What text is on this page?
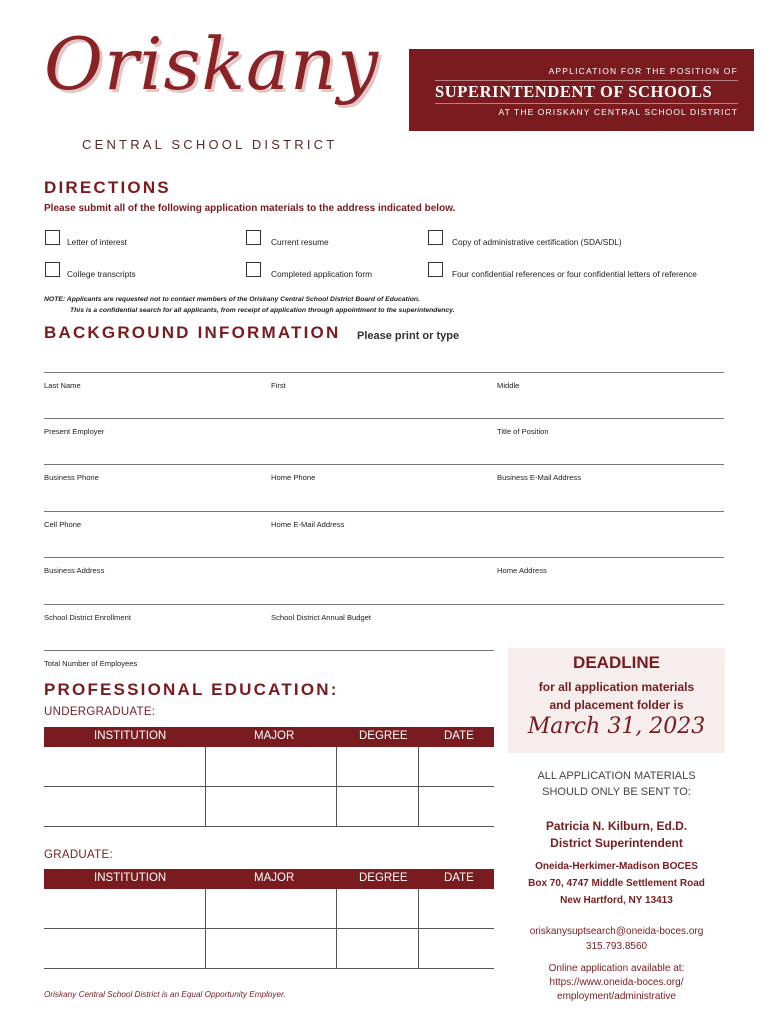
Oriskany
CENTRAL SCHOOL DISTRICT
APPLICATION FOR THE POSITION OF
SUPERINTENDENT OF SCHOOLS
AT THE ORISKANY CENTRAL SCHOOL DISTRICT
DIRECTIONS
Please submit all of the following application materials to the address indicated below.
Letter of interest	Current resume	Copy of administrative certification (SDA/SDL)
College transcripts	Completed application form	Four confidential references or four confidential letters of reference
NOTE: Applicants are requested not to contact members of the Oriskany Central School District Board of Education.
This is a confidential search for all applicants, from receipt of application through appointment to the superintendency.
BACKGROUND INFORMATION Please print or type
Last Name	First	Middle
Present Employer	Title of Position
Business Phone	Home Phone	Business E-Mail Address
Cell Phone	Home E-Mail Address
Business Address	Home Address
School District Enrollment	School District Annual Budget
Total Number of Employees
PROFESSIONAL EDUCATION:
UNDERGRADUATE:
INSTITUTION	MAJOR	DEGREE	DATE
GRADUATE:
INSTITUTION	MAJOR	DEGREE	DATE
Oriskany Central School District is an Equal Opportunity Employer.
DEADLINE
for all application materials
and placement folder is
March 31, 2023
ALL APPLICATION MATERIALS
SHOULD ONLY BE SENT TO:
Patricia N. Kilburn, Ed.D.
District Superintendent
Oneida-Herkimer-Madison BOCES
Box 70, 4747 Middle Settlement Road
New Hartford, NY 13413
oriskanysuptsearch@oneida-boces.org
315.793.8560
Online application available at:
https://www.oneida-boces.org/
employment/administrative
